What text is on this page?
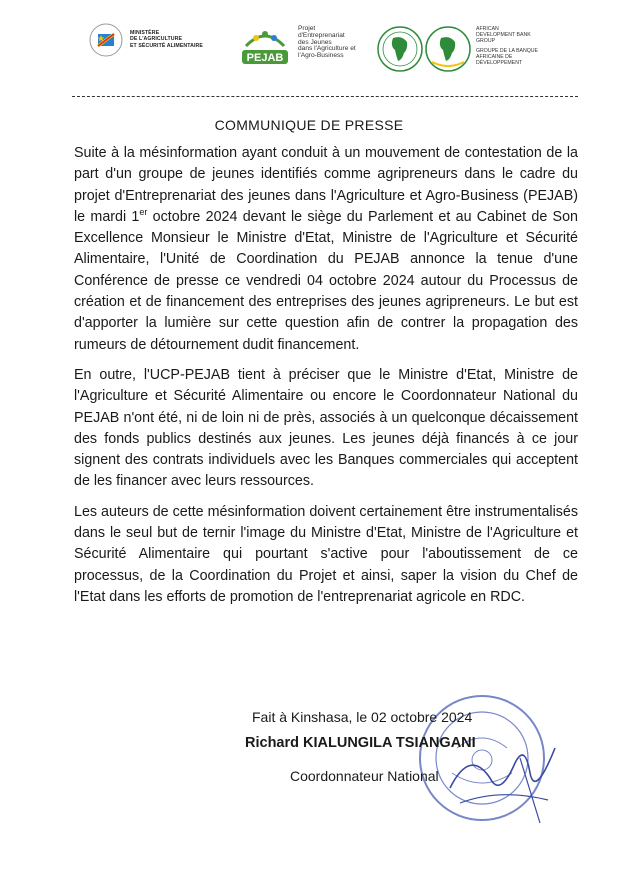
MINISTÈRE
DE L'AGRICULTURE
ET SÉCURITÉ ALIMENTAIRE
PEJAB
Projet
d'Entreprenariat
des Jeunes
dans l'Agriculture et
l'Agro-Business
AFRICAN
DEVELOPMENT BANK
GROUP
GROUPE DE LA BANQUE
AFRICAINE DE
DÉVELOPPEMENT
COMMUNIQUE DE PRESSE

Suite à la mésinformation ayant conduit à un mouvement de contestation de la part d'un groupe de jeunes identifiés comme agripreneurs dans le cadre du projet d'Entreprenariat des jeunes dans l'Agriculture et Agro-Business (PEJAB) le mardi 1er octobre 2024 devant le siège du Parlement et au Cabinet de Son Excellence Monsieur le Ministre d'Etat, Ministre de l'Agriculture et Sécurité Alimentaire, l'Unité de Coordination du PEJAB annonce la tenue d'une Conférence de presse ce vendredi 04 octobre 2024 autour du Processus de création et de financement des entreprises des jeunes agripreneurs. Le but est d'apporter la lumière sur cette question afin de contrer la propagation des rumeurs de détournement dudit financement.

En outre, l'UCP-PEJAB tient à préciser que le Ministre d'Etat, Ministre de l'Agriculture et Sécurité Alimentaire ou encore le Coordonnateur National du PEJAB n'ont été, ni de loin ni de près, associés à un quelconque décaissement des fonds publics destinés aux jeunes. Les jeunes déjà financés à ce jour signent des contrats individuels avec les Banques commerciales qui acceptent de les financer avec leurs ressources.

Les auteurs de cette mésinformation doivent certainement être instrumentalisés dans le seul but de ternir l'image du Ministre d'Etat, Ministre de l'Agriculture et Sécurité Alimentaire qui pourtant s'active pour l'aboutissement de ce processus, de la Coordination du Projet et ainsi, saper la vision du Chef de l'Etat dans les efforts de promotion de l'entreprenariat agricole en RDC.

Fait à Kinshasa, le 02 octobre 2024
Richard KIALUNGILA TSIANGANI
Coordonnateur National
